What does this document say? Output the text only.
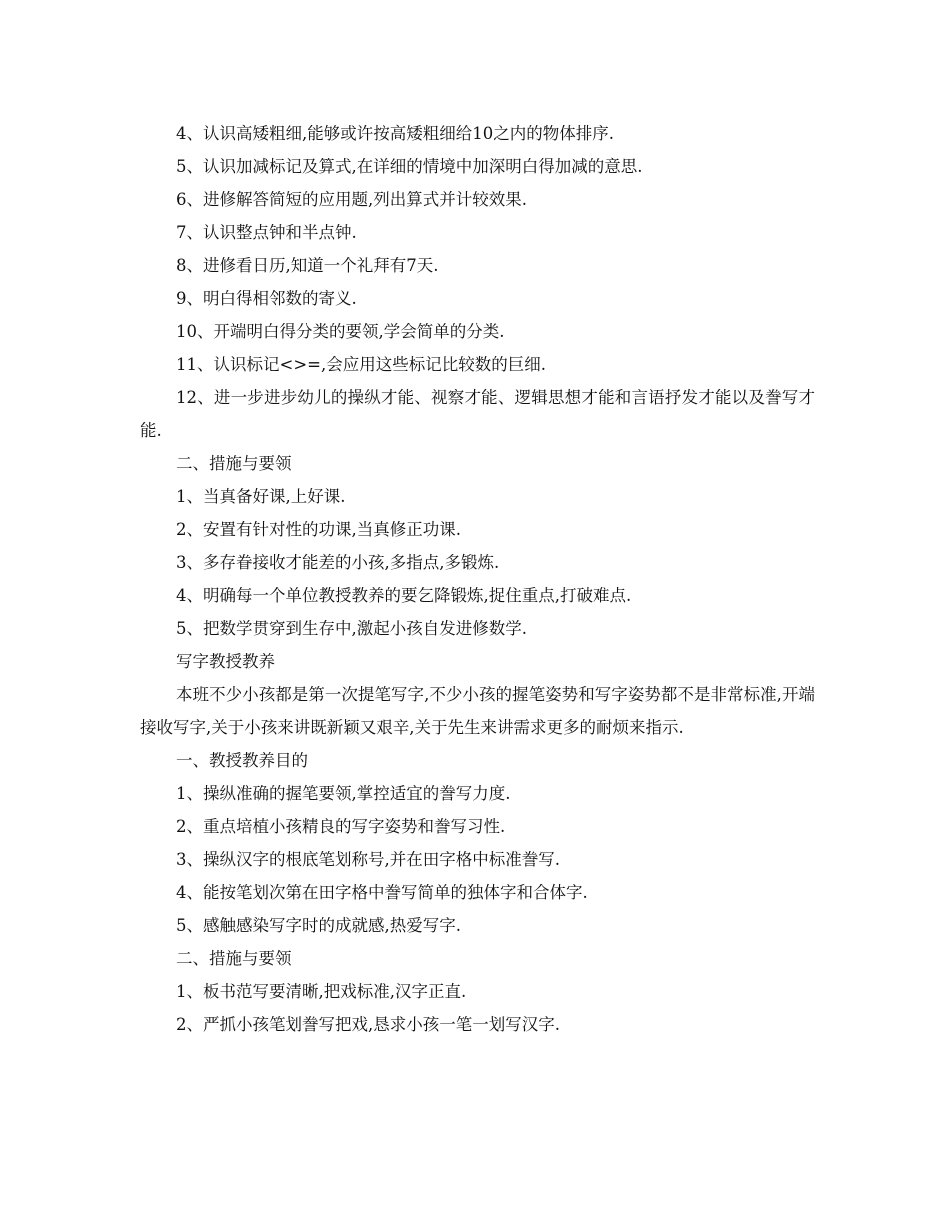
4、认识高矮粗细,能够或许按高矮粗细给10之内的物体排序.

5、认识加减标记及算式,在详细的情境中加深明白得加减的意思.

6、进修解答简短的应用题,列出算式并计较效果.

7、认识整点钟和半点钟.

8、进修看日历,知道一个礼拜有7天.

9、明白得相邻数的寄义.

10、开端明白得分类的要领,学会简单的分类.

11、认识标记<>=,会应用这些标记比较数的巨细.

12、进一步进步幼儿的操纵才能、视察才能、逻辑思想才能和言语抒发才能以及誊写才能.

二、措施与要领

1、当真备好课,上好课.

2、安置有针对性的功课,当真修正功课.

3、多存眷接收才能差的小孩,多指点,多锻炼.

4、明确每一个单位教授教养的要乞降锻炼,捉住重点,打破难点.

5、把数学贯穿到生存中,激起小孩自发进修数学.

写字教授教养

本班不少小孩都是第一次提笔写字,不少小孩的握笔姿势和写字姿势都不是非常标准,开端接收写字,关于小孩来讲既新颖又艰辛,关于先生来讲需求更多的耐烦来指示.

一、教授教养目的

1、操纵准确的握笔要领,掌控适宜的誊写力度.

2、重点培植小孩精良的写字姿势和誊写习性.

3、操纵汉字的根底笔划称号,并在田字格中标准誊写.

4、能按笔划次第在田字格中誊写简单的独体字和合体字.

5、感触感染写字时的成就感,热爱写字.

二、措施与要领

1、板书范写要清晰,把戏标准,汉字正直.

2、严抓小孩笔划誊写把戏,恳求小孩一笔一划写汉字.
